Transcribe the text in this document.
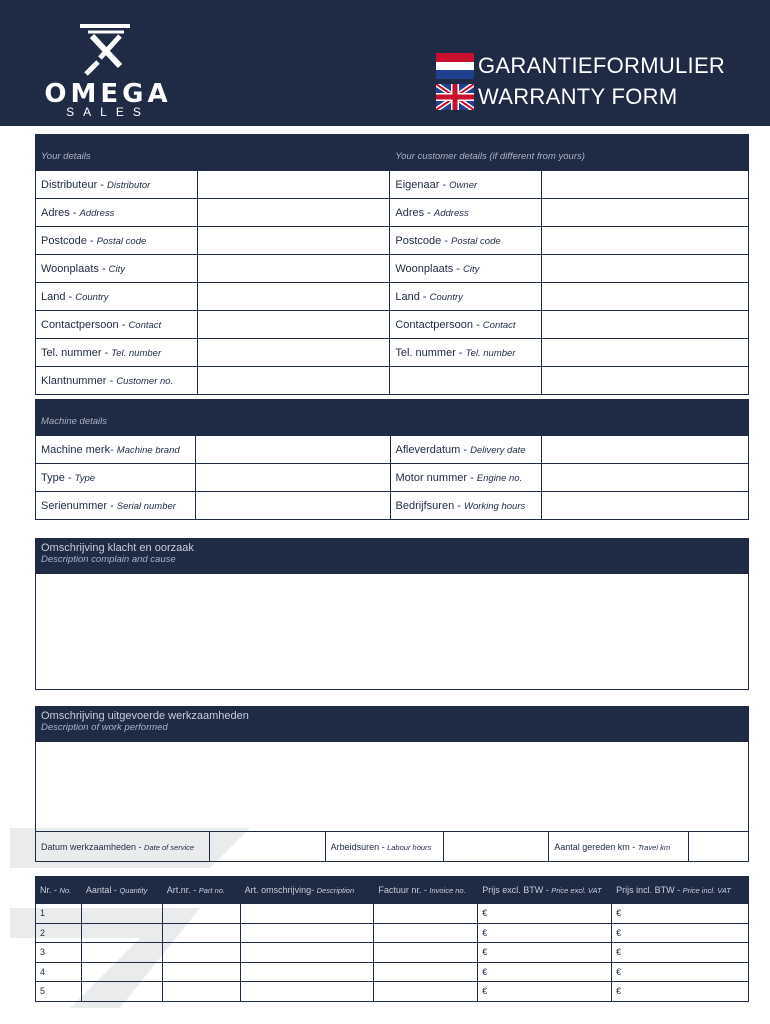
OMEGA
SALES
GARANTIEFORMULIER
WARRANTY FORM
Uw gegevens
Your details		Gegevens van uw klant (indien van toepassing)
Your customer details (if different from yours)	

Distributeur - Distributor		Eigenaar - Owner	
Adres - Address		Adres - Address	
Postcode - Postal code		Postcode - Postal code	
Woonplaats - City		Woonplaats - City	
Land - Country		Land - Country	
Contactpersoon - Contact		Contactpersoon - Contact	
Tel. nummer - Tel. number		Tel. nummer - Tel. number	
Klantnummer - Customer no.			
Machine gegevens
Machine details			

Machine merk- Machine brand		Afleverdatum - Delivery date	
Type - Type		Motor nummer - Engine no.	
Serienummer - Serial number		Bedrijfsuren - Working hours	
Omschrijving klacht en oorzaak
Description complain and cause
Omschrijving uitgevoerde werkzaamheden
Description of work performed
Datum werkzaamheden - Date of service		Arbeidsuren - Labour hours		Aantal gereden km - Travel km	
Nr. - No.	Aantal - Quantity	Art.nr. - Part no.	Art. omschrijving- Description	Factuur nr. - Invoice no.	Prijs excl. BTW - Price excl. VAT	Prijs incl. BTW - Price incl. VAT
1					€	€
2					€	€
3					€	€
4					€	€
5					€	€
